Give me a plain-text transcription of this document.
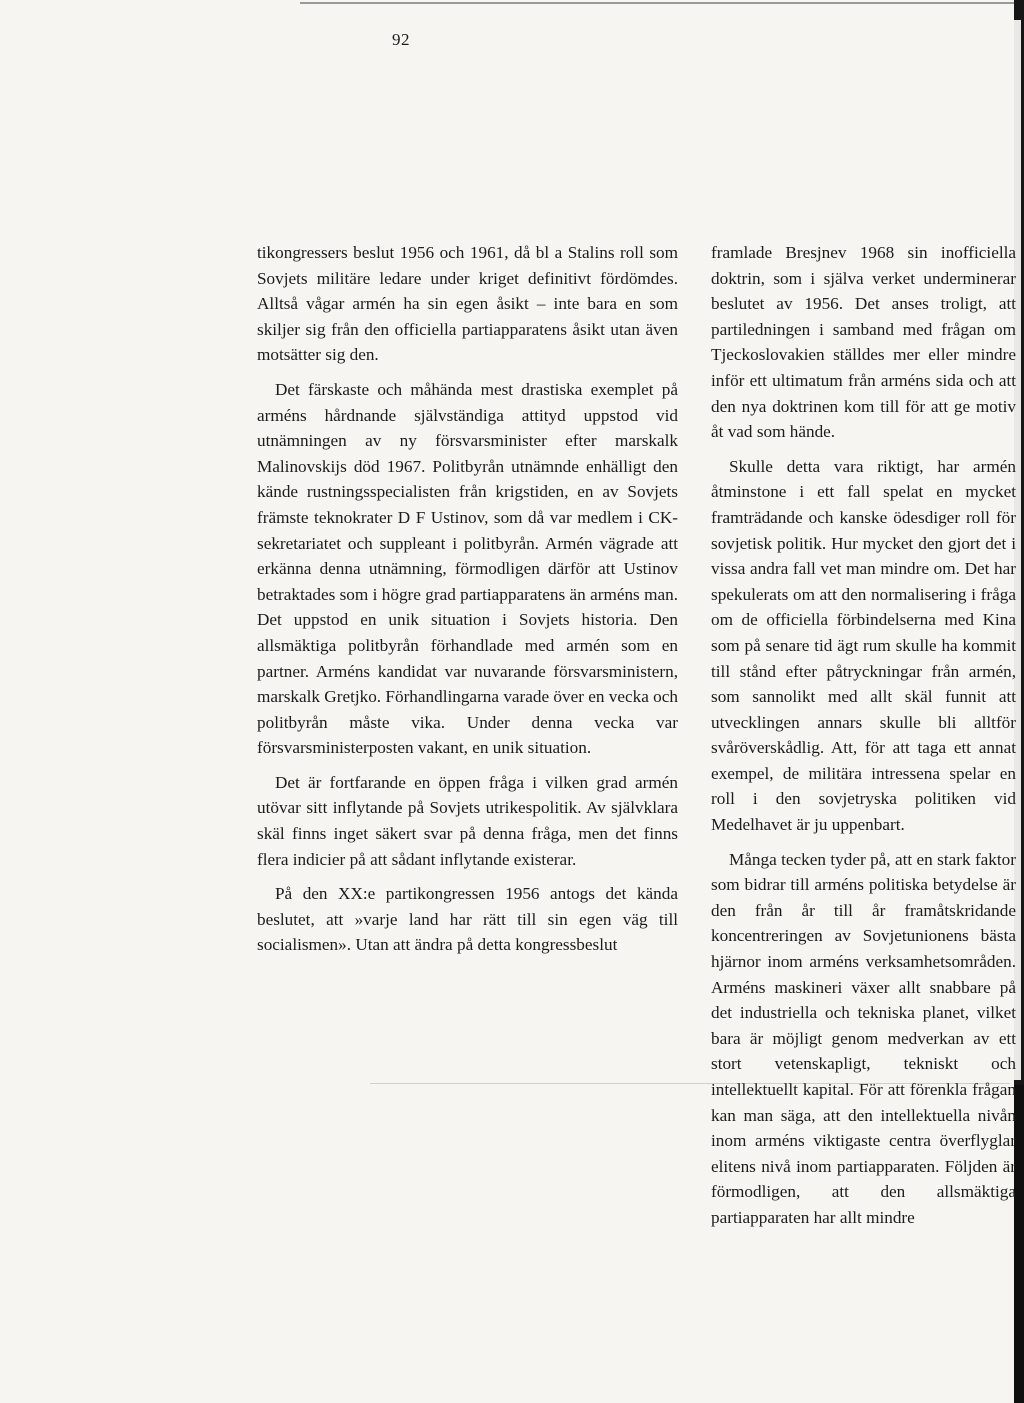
92

tikongressers beslut 1956 och 1961, då bl a Stalins roll som Sovjets militäre ledare under kriget definitivt fördömdes. Alltså vågar armén ha sin egen åsikt – inte bara en som skiljer sig från den officiella partiapparatens åsikt utan även motsätter sig den.

Det färskaste och måhända mest drastiska exemplet på arméns hårdnande självständiga attityd uppstod vid utnämningen av ny försvarsminister efter marskalk Malinovskijs död 1967. Politbyrån utnämnde enhälligt den kände rustningsspecialisten från krigstiden, en av Sovjets främste teknokrater D F Ustinov, som då var medlem i CK-sekretariatet och suppleant i politbyrån. Armén vägrade att erkänna denna utnämning, förmodligen därför att Ustinov betraktades som i högre grad partiapparatens än arméns man. Det uppstod en unik situation i Sovjets historia. Den allsmäktiga politbyrån förhandlade med armén som en partner. Arméns kandidat var nuvarande försvarsministern, marskalk Gretjko. Förhandlingarna varade över en vecka och politbyrån måste vika. Under denna vecka var försvarsministerposten vakant, en unik situation.

Det är fortfarande en öppen fråga i vilken grad armén utövar sitt inflytande på Sovjets utrikespolitik. Av självklara skäl finns inget säkert svar på denna fråga, men det finns flera indicier på att sådant inflytande existerar.

På den XX:e partikongressen 1956 antogs det kända beslutet, att »varje land har rätt till sin egen väg till socialismen». Utan att ändra på detta kongressbeslut

framlade Bresjnev 1968 sin inofficiella doktrin, som i själva verket underminerar beslutet av 1956. Det anses troligt, att partiledningen i samband med frågan om Tjeckoslovakien ställdes mer eller mindre inför ett ultimatum från arméns sida och att den nya doktrinen kom till för att ge motiv åt vad som hände.

Skulle detta vara riktigt, har armén åtminstone i ett fall spelat en mycket framträdande och kanske ödesdiger roll för sovjetisk politik. Hur mycket den gjort det i vissa andra fall vet man mindre om. Det har spekulerats om att den normalisering i fråga om de officiella förbindelserna med Kina som på senare tid ägt rum skulle ha kommit till stånd efter påtryckningar från armén, som sannolikt med allt skäl funnit att utvecklingen annars skulle bli alltför svåröverskådlig. Att, för att taga ett annat exempel, de militära intressena spelar en roll i den sovjetryska politiken vid Medelhavet är ju uppenbart.

Många tecken tyder på, att en stark faktor som bidrar till arméns politiska betydelse är den från år till år framåtskridande koncentreringen av Sovjetunionens bästa hjärnor inom arméns verksamhetsområden. Arméns maskineri växer allt snabbare på det industriella och tekniska planet, vilket bara är möjligt genom medverkan av ett stort vetenskapligt, tekniskt och intellektuellt kapital. För att förenkla frågan kan man säga, att den intellektuella nivån inom arméns viktigaste centra överflyglar elitens nivå inom partiapparaten. Följden är förmodligen, att den allsmäktiga partiapparaten har allt mindre
